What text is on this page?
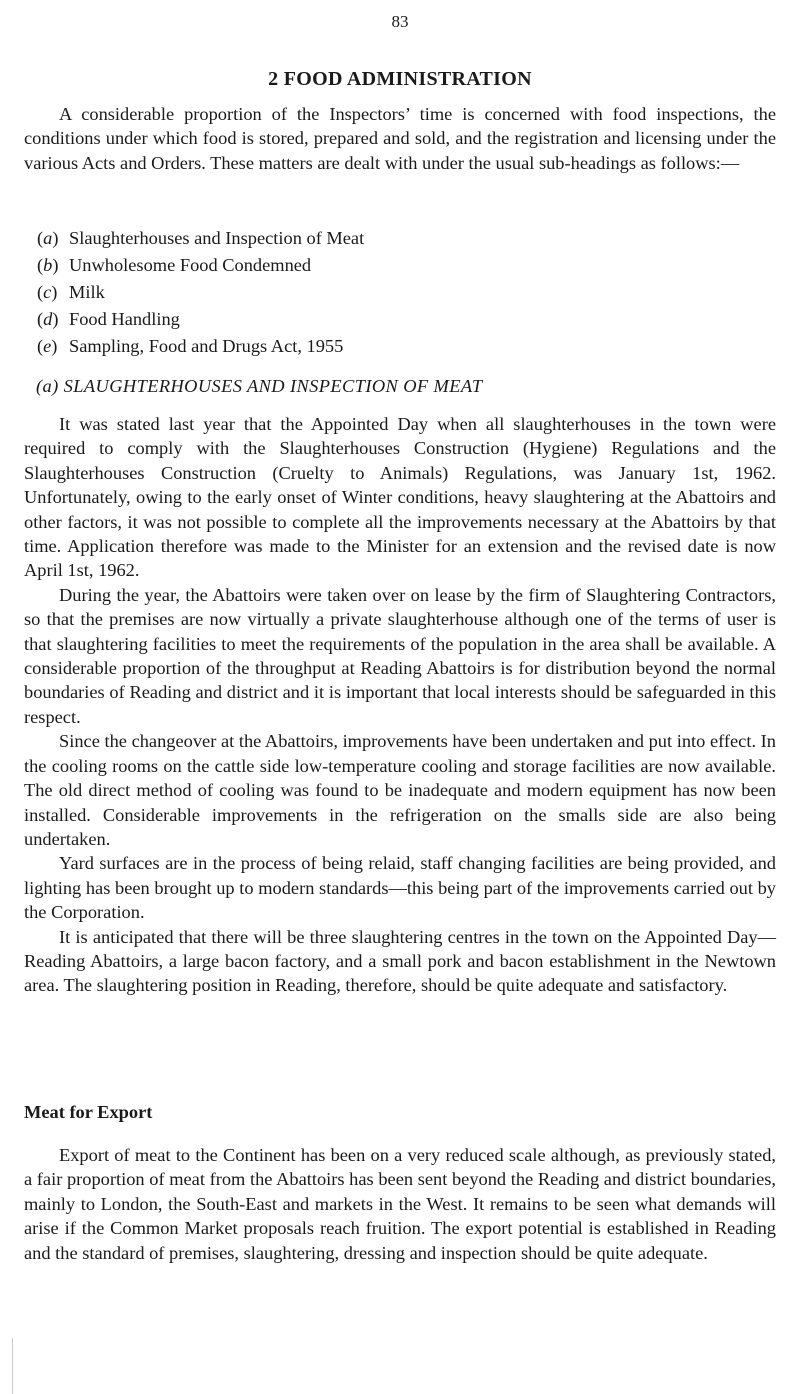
83
2 FOOD ADMINISTRATION

A considerable proportion of the Inspectors’ time is concerned with food inspections, the conditions under which food is stored, prepared and sold, and the registration and licensing under the various Acts and Orders. These matters are dealt with under the usual sub-headings as follows:—

(a) Slaughterhouses and Inspection of Meat
(b) Unwholesome Food Condemned
(c) Milk
(d) Food Handling
(e) Sampling, Food and Drugs Act, 1955
(a) SLAUGHTERHOUSES AND INSPECTION OF MEAT

It was stated last year that the Appointed Day when all slaughterhouses in the town were required to comply with the Slaughterhouses Construction (Hygiene) Regulations and the Slaughterhouses Construction (Cruelty to Animals) Regulations, was January 1st, 1962. Unfortunately, owing to the early onset of Winter conditions, heavy slaughtering at the Abattoirs and other factors, it was not possible to complete all the improvements necessary at the Abattoirs by that time. Application therefore was made to the Minister for an extension and the revised date is now April 1st, 1962.

During the year, the Abattoirs were taken over on lease by the firm of Slaughtering Contractors, so that the premises are now virtually a private slaughterhouse although one of the terms of user is that slaughtering facilities to meet the requirements of the population in the area shall be available. A considerable proportion of the throughput at Reading Abattoirs is for distribution beyond the normal boundaries of Reading and district and it is important that local interests should be safeguarded in this respect.

Since the changeover at the Abattoirs, improvements have been undertaken and put into effect. In the cooling rooms on the cattle side low-temperature cooling and storage facilities are now available. The old direct method of cooling was found to be inadequate and modern equipment has now been installed. Considerable improvements in the refrigeration on the smalls side are also being undertaken.

Yard surfaces are in the process of being relaid, staff changing facilities are being provided, and lighting has been brought up to modern standards—this being part of the improvements carried out by the Corporation.

It is anticipated that there will be three slaughtering centres in the town on the Appointed Day—Reading Abattoirs, a large bacon factory, and a small pork and bacon establishment in the Newtown area. The slaughtering position in Reading, therefore, should be quite adequate and satisfactory.

Meat for Export

Export of meat to the Continent has been on a very reduced scale although, as previously stated, a fair proportion of meat from the Abattoirs has been sent beyond the Reading and district boundaries, mainly to London, the South-East and markets in the West. It remains to be seen what demands will arise if the Common Market proposals reach fruition. The export potential is established in Reading and the standard of premises, slaughtering, dressing and inspection should be quite adequate.
